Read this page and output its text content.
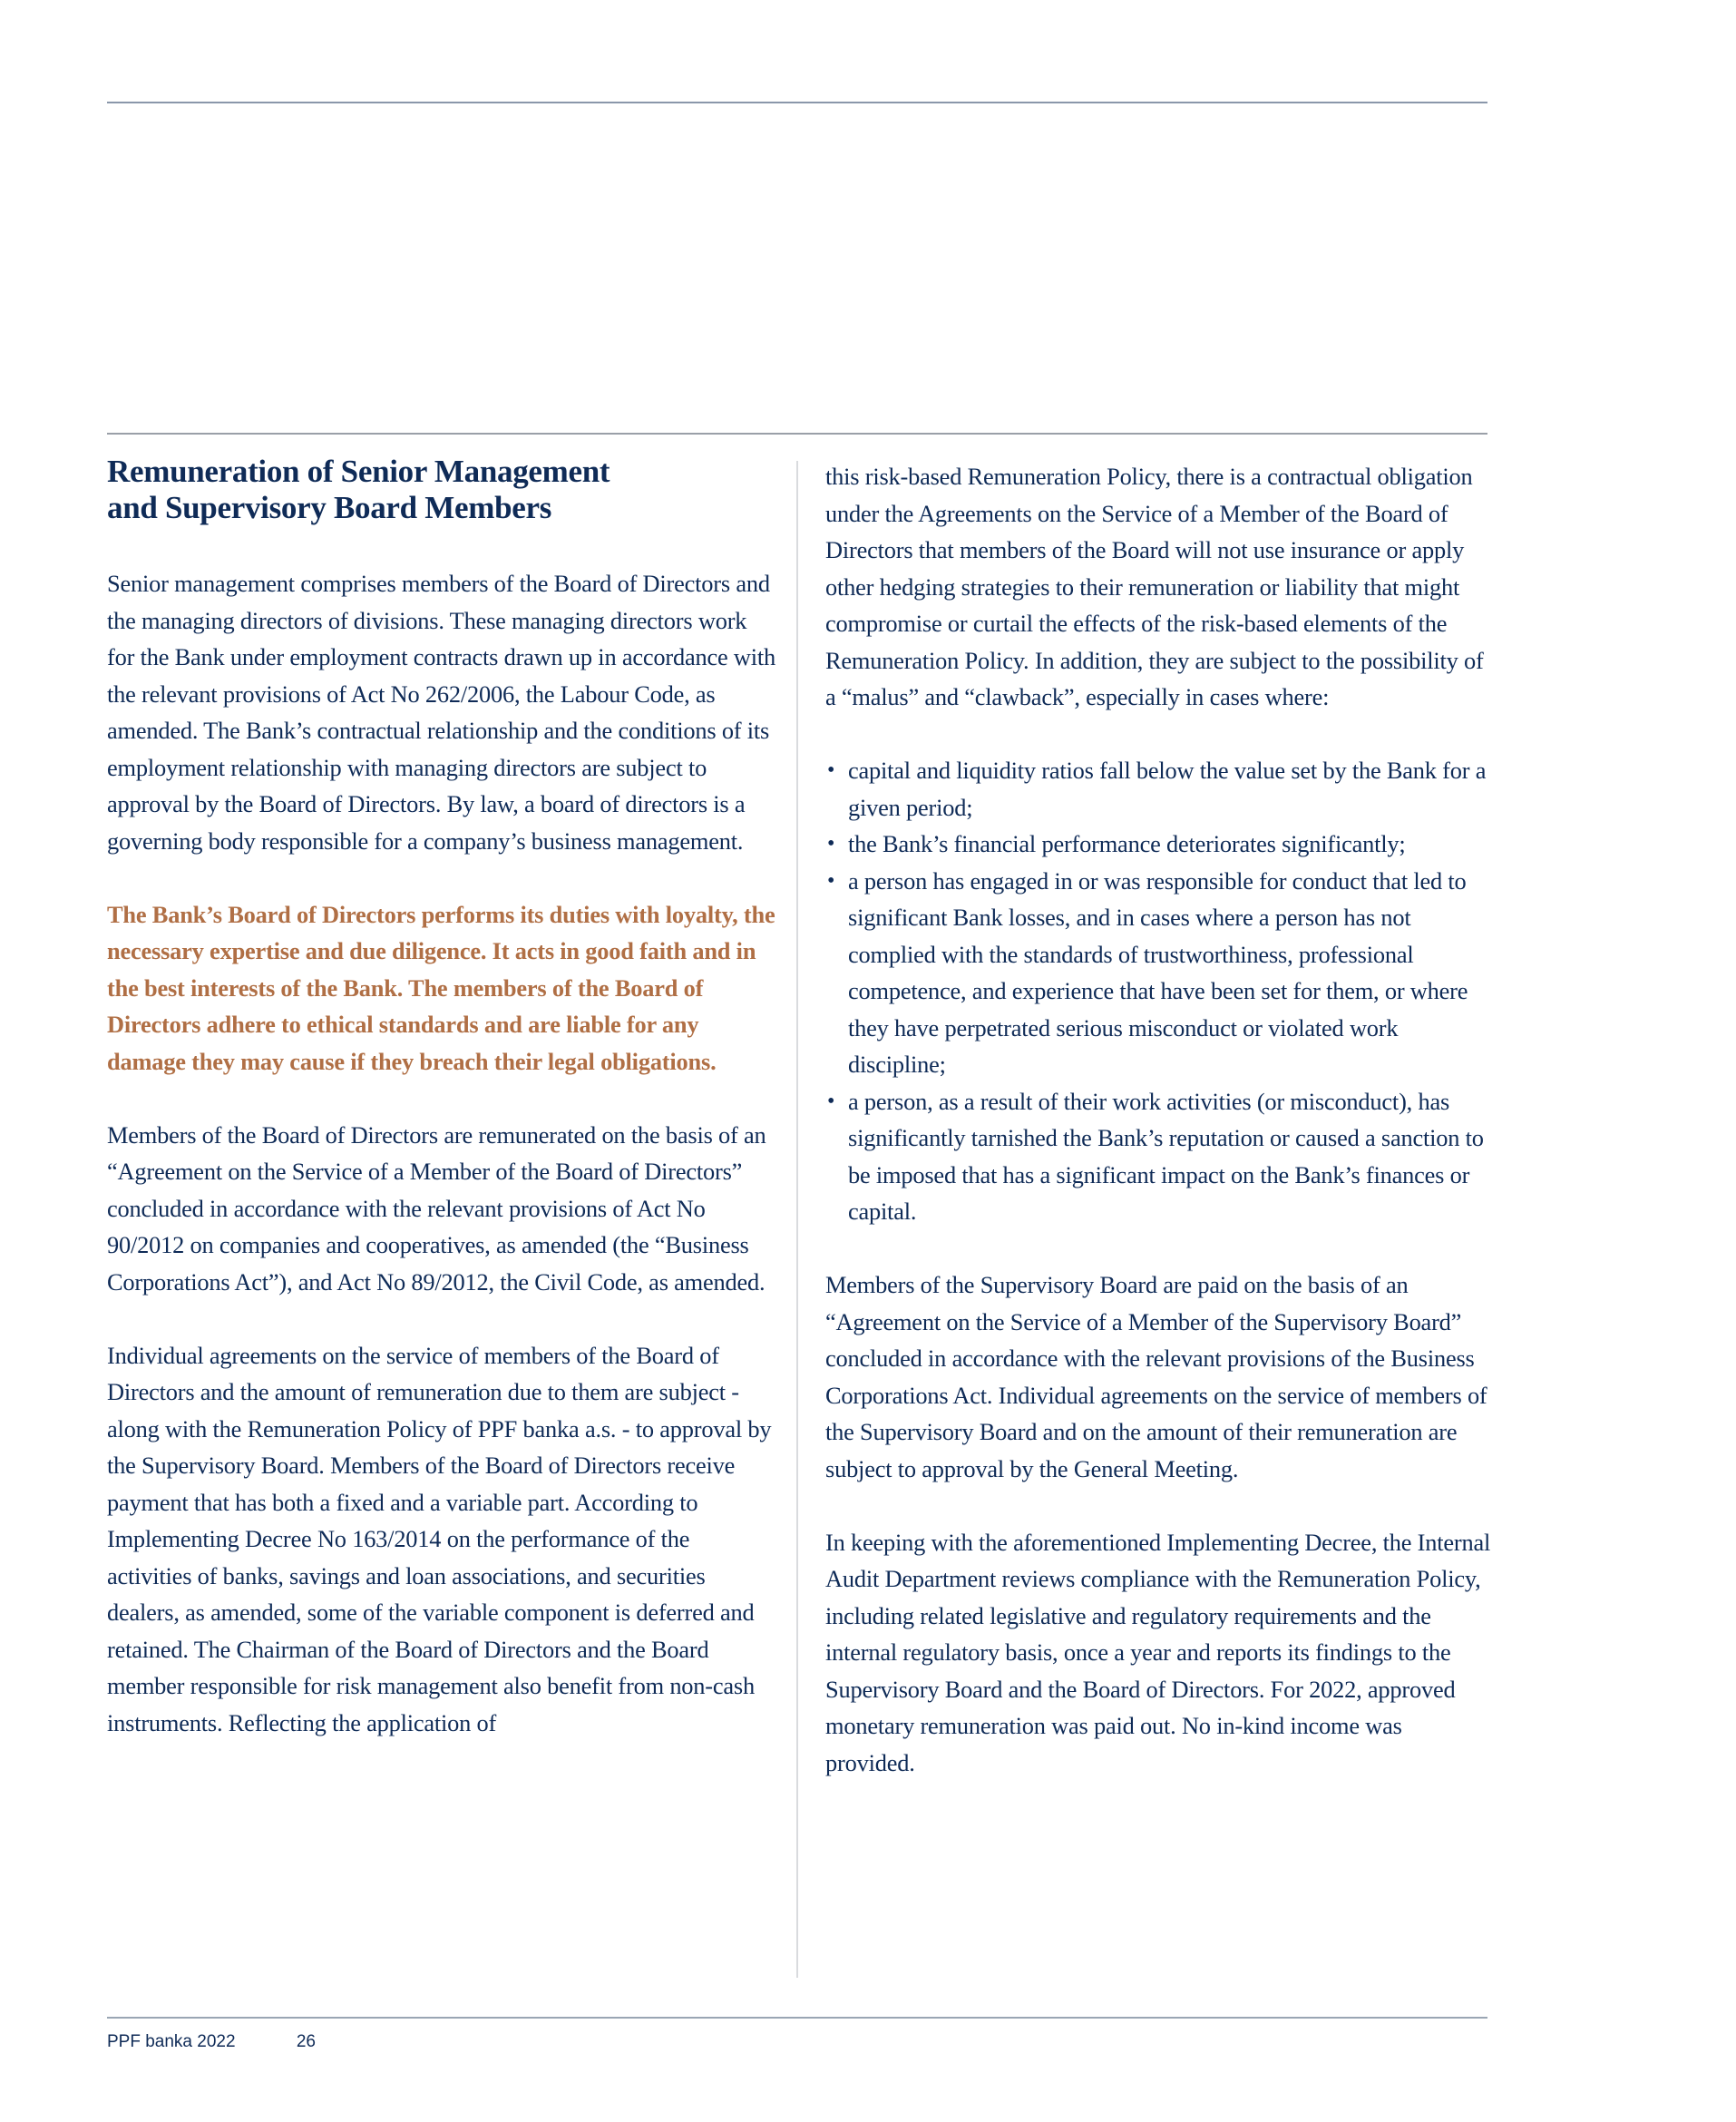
Remuneration of Senior Management
and Supervisory Board Members

Senior management comprises members of the Board of Directors and the managing directors of divisions. These managing directors work for the Bank under employment contracts drawn up in accordance with the relevant provisions of Act No 262/2006, the Labour Code, as amended. The Bank’s contractual relationship and the conditions of its employment relationship with managing directors are subject to approval by the Board of Directors. By law, a board of directors is a governing body responsible for a company’s business management.

The Bank’s Board of Directors performs its duties with loyalty, the necessary expertise and due diligence. It acts in good faith and in the best interests of the Bank. The members of the Board of Directors adhere to ethical standards and are liable for any damage they may cause if they breach their legal obligations.

Members of the Board of Directors are remunerated on the basis of an “Agreement on the Service of a Member of the Board of Directors” concluded in accordance with the relevant provisions of Act No 90/2012 on companies and cooperatives, as amended (the “Business Corporations Act”), and Act No 89/2012, the Civil Code, as amended.

Individual agreements on the service of members of the Board of Directors and the amount of remuneration due to them are subject - along with the Remuneration Policy of PPF banka a.s. - to approval by the Supervisory Board. Members of the Board of Directors receive payment that has both a fixed and a variable part. According to Implementing Decree No 163/2014 on the performance of the activities of banks, savings and loan associations, and securities dealers, as amended, some of the variable component is deferred and retained. The Chairman of the Board of Directors and the Board member responsible for risk management also benefit from non-cash instruments. Reflecting the application of

this risk-based Remuneration Policy, there is a contractual obligation under the Agreements on the Service of a Member of the Board of Directors that members of the Board will not use insurance or apply other hedging strategies to their remuneration or liability that might compromise or curtail the effects of the risk-based elements of the Remuneration Policy. In addition, they are subject to the possibility of a “malus” and “clawback”, especially in cases where:

• capital and liquidity ratios fall below the value set by the Bank for a given period;
• the Bank’s financial performance deteriorates significantly;
• a person has engaged in or was responsible for conduct that led to significant Bank losses, and in cases where a person has not complied with the standards of trustworthiness, professional competence, and experience that have been set for them, or where they have perpetrated serious misconduct or violated work discipline;
• a person, as a result of their work activities (or misconduct), has significantly tarnished the Bank’s reputation or caused a sanction to be imposed that has a significant impact on the Bank’s finances or capital.

Members of the Supervisory Board are paid on the basis of an “Agreement on the Service of a Member of the Supervisory Board” concluded in accordance with the relevant provisions of the Business Corporations Act. Individual agreements on the service of members of the Supervisory Board and on the amount of their remuneration are subject to approval by the General Meeting.

In keeping with the aforementioned Implementing Decree, the Internal Audit Department reviews compliance with the Remuneration Policy, including related legislative and regulatory requirements and the internal regulatory basis, once a year and reports its findings to the Supervisory Board and the Board of Directors. For 2022, approved monetary remuneration was paid out. No in-kind income was provided.

PPF banka 2022	26
